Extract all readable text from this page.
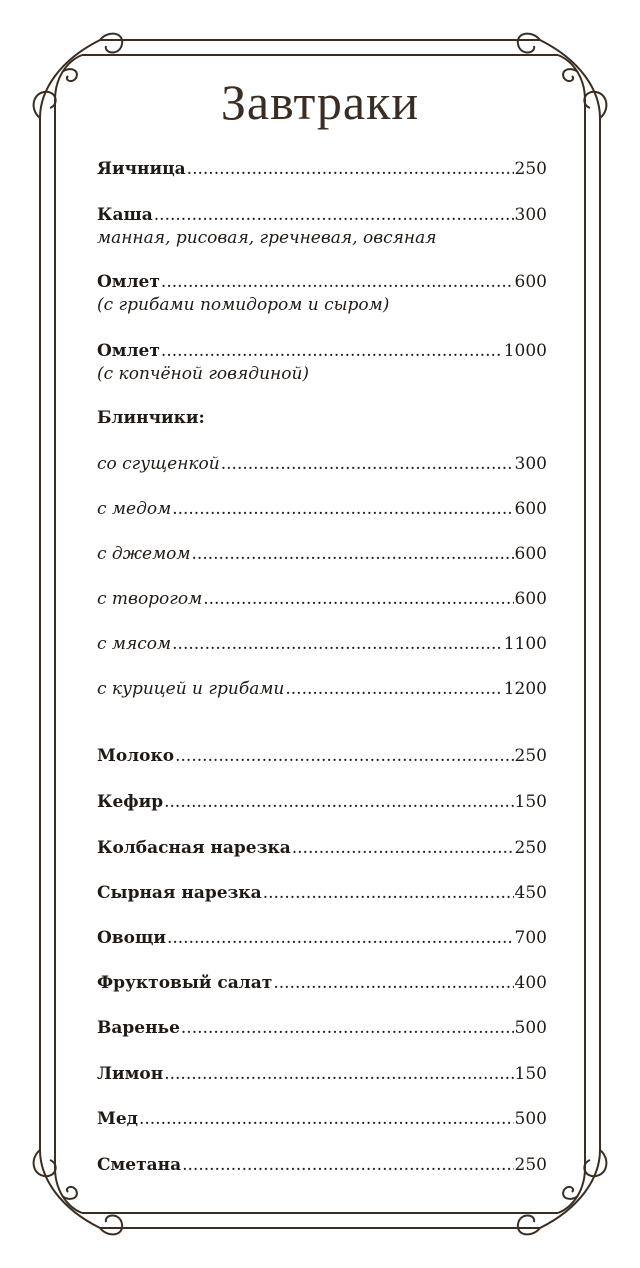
Завтраки
Яичница .....	250
Каша .....	300
манная, рисовая, гречневая, овсяная
Омлет .....	600
(с грибами помидором и сыром)
Омлет .....	1000
(с копчёной говядиной)
Блинчики:
со сгущенкой .....	300
с медом .....	600
с джемом .....	600
с творогом .....	600
с мясом .....	1100
с курицей и грибами .....	1200
Молоко .....	250
Кефир .....	150
Колбасная нарезка .....	250
Сырная нарезка .....	450
Овощи .....	700
Фруктовый салат .....	400
Варенье .....	500
Лимон .....	150
Мед .....	500
Сметана .....	250
